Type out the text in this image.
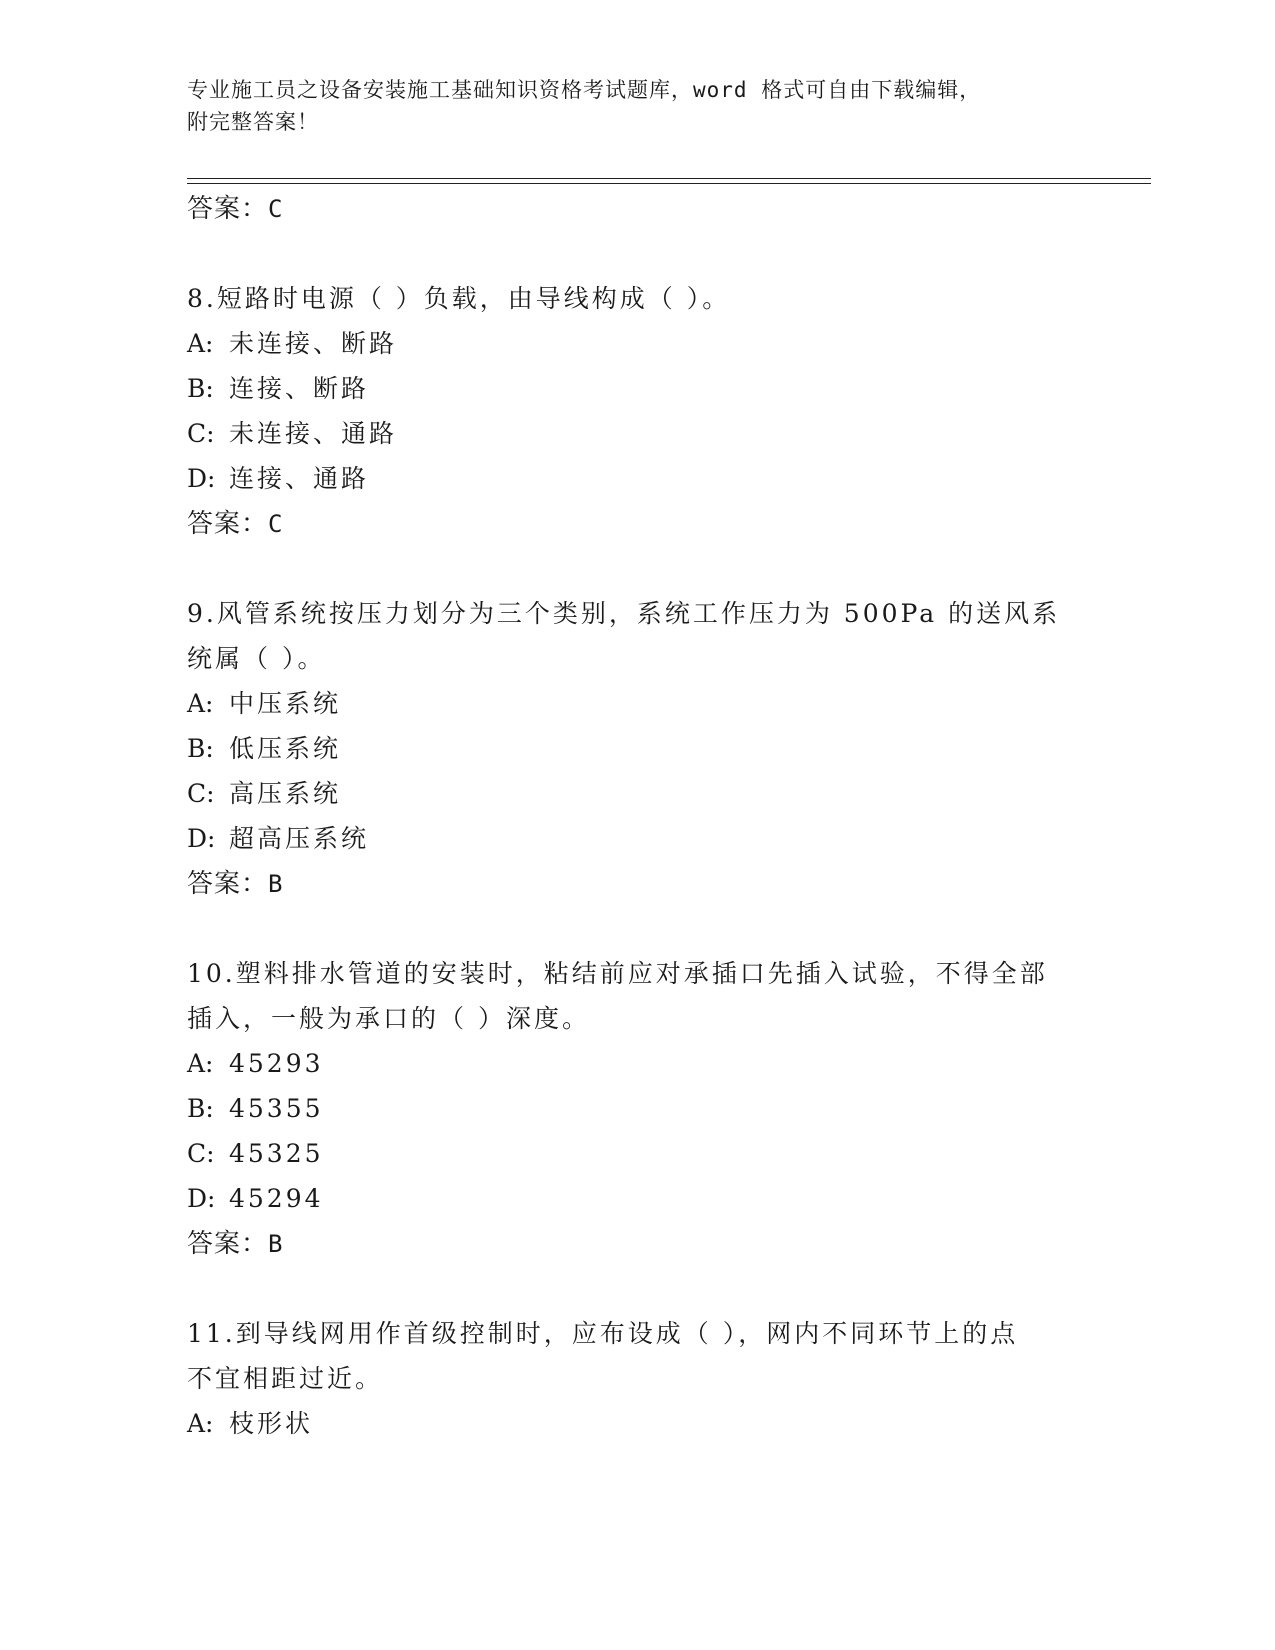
专业施工员之设备安装施工基础知识资格考试题库，word 格式可自由下载编辑，
附完整答案！
答案：C
8.短路时电源（ ）负载，由导线构成（ ）。
A: 未连接、断路
B: 连接、断路
C: 未连接、通路
D: 连接、通路
答案：C
9.风管系统按压力划分为三个类别，系统工作压力为 500Pa 的送风系
统属（ ）。
A: 中压系统
B: 低压系统
C: 高压系统
D: 超高压系统
答案：B
10.塑料排水管道的安装时，粘结前应对承插口先插入试验，不得全部
插入，一般为承口的（ ）深度。
A: 45293
B: 45355
C: 45325
D: 45294
答案：B
11.到导线网用作首级控制时，应布设成（ ），网内不同环节上的点
不宜相距过近。
A: 枝形状
